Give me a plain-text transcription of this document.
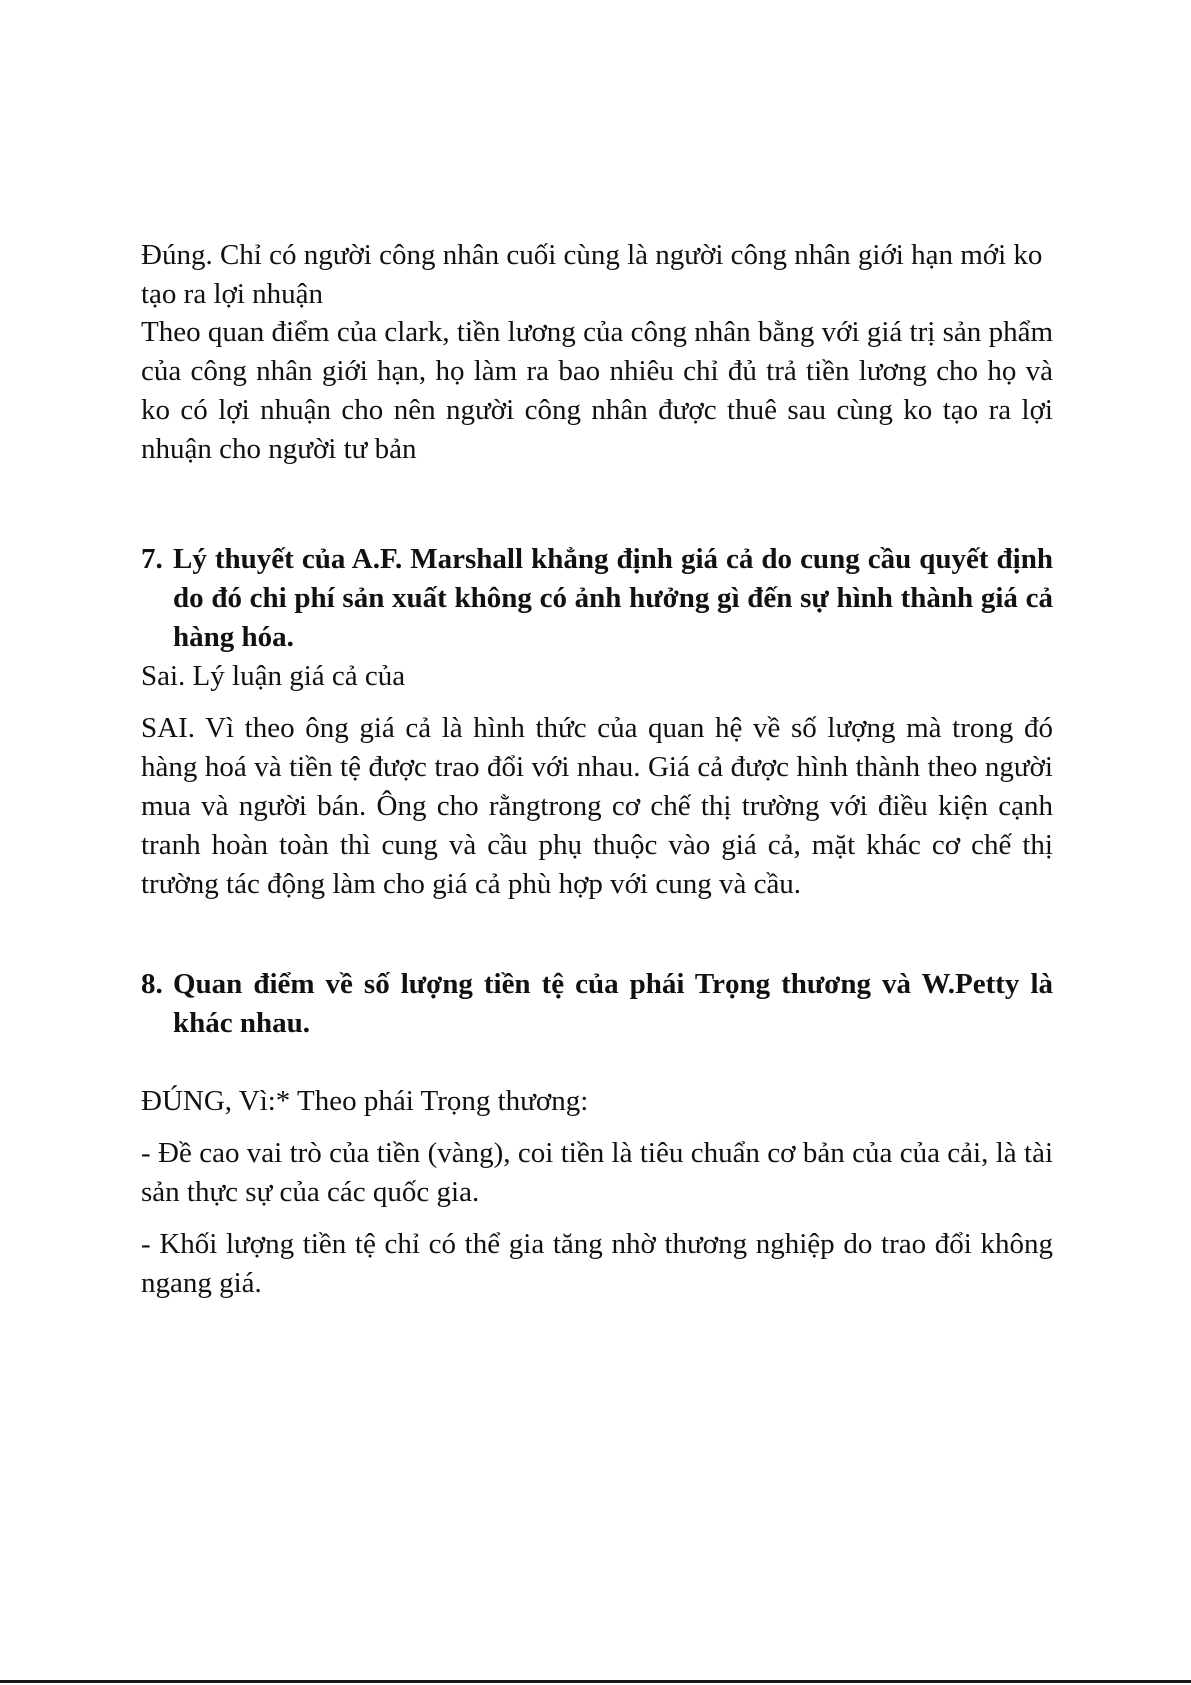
Đúng. Chỉ có người công nhân cuối cùng là người công nhân giới hạn mới ko tạo ra lợi nhuận

Theo quan điểm của clark, tiền lương của công nhân bằng với giá trị sản phẩm của công nhân giới hạn, họ làm ra bao nhiêu chỉ đủ trả tiền lương cho họ và ko có lợi nhuận cho nên người công nhân được thuê sau cùng ko tạo ra lợi nhuận cho người tư bản

7. Lý thuyết của A.F. Marshall khẳng định giá cả do cung cầu quyết định do đó chi phí sản xuất không có ảnh hưởng gì đến sự hình thành giá cả hàng hóa.

Sai. Lý luận giá cả của

SAI. Vì theo ông giá cả là hình thức của quan hệ về số lượng mà trong đó hàng hoá và tiền tệ được trao đổi với nhau. Giá cả được hình thành theo người mua và người bán. Ông cho rằngtrong cơ chế thị trường với điều kiện cạnh tranh hoàn toàn thì cung và cầu phụ thuộc vào giá cả, mặt khác cơ chế thị trường tác động làm cho giá cả phù hợp với cung và cầu.

8. Quan điểm về số lượng tiền tệ của phái Trọng thương và W.Petty là khác nhau.

ĐÚNG, Vì:* Theo phái Trọng thương:

- Đề cao vai trò của tiền (vàng), coi tiền là tiêu chuẩn cơ bản của của cải, là tài sản thực sự của các quốc gia.

- Khối lượng tiền tệ chỉ có thể gia tăng nhờ thương nghiệp do trao đổi không ngang giá.
